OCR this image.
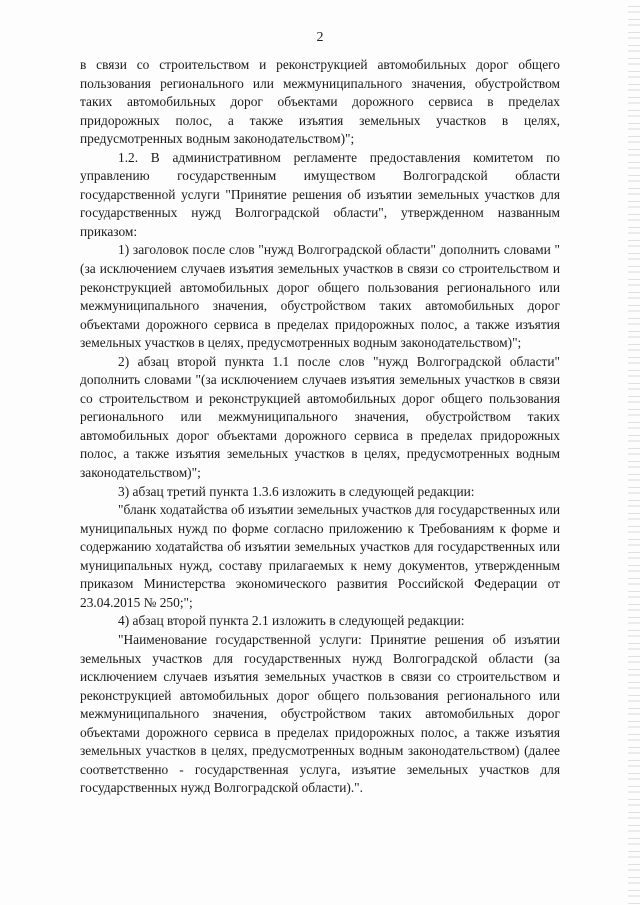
2

в связи со строительством и реконструкцией автомобильных дорог общего пользования регионального или межмуниципального значения, обустройством таких автомобильных дорог объектами дорожного сервиса в пределах придорожных полос, а также изъятия земельных участков в целях, предусмотренных водным законодательством)";

1.2. В административном регламенте предоставления комитетом по управлению государственным имуществом Волгоградской области государственной услуги "Принятие решения об изъятии земельных участков для государственных нужд Волгоградской области", утвержденном названным приказом:

1) заголовок после слов "нужд Волгоградской области" дополнить словами "(за исключением случаев изъятия земельных участков в связи со строительством и реконструкцией автомобильных дорог общего пользования регионального или межмуниципального значения, обустройством таких автомобильных дорог объектами дорожного сервиса в пределах придорожных полос, а также изъятия земельных участков в целях, предусмотренных водным законодательством)";

2) абзац второй пункта 1.1 после слов "нужд Волгоградской области" дополнить словами "(за исключением случаев изъятия земельных участков в связи со строительством и реконструкцией автомобильных дорог общего пользования регионального или межмуниципального значения, обустройством таких автомобильных дорог объектами дорожного сервиса в пределах придорожных полос, а также изъятия земельных участков в целях, предусмотренных водным законодательством)";

3) абзац третий пункта 1.3.6 изложить в следующей редакции:

"бланк ходатайства об изъятии земельных участков для государственных или муниципальных нужд по форме согласно приложению к Требованиям к форме и содержанию ходатайства об изъятии земельных участков для государственных или муниципальных нужд, составу прилагаемых к нему документов, утвержденным приказом Министерства экономического развития Российской Федерации от 23.04.2015 № 250;";

4) абзац второй пункта 2.1 изложить в следующей редакции:

"Наименование государственной услуги: Принятие решения об изъятии земельных участков для государственных нужд Волгоградской области (за исключением случаев изъятия земельных участков в связи со строительством и реконструкцией автомобильных дорог общего пользования регионального или межмуниципального значения, обустройством таких автомобильных дорог объектами дорожного сервиса в пределах придорожных полос, а также изъятия земельных участков в целях, предусмотренных водным законодательством) (далее соответственно - государственная услуга, изъятие земельных участков для государственных нужд Волгоградской области).".
